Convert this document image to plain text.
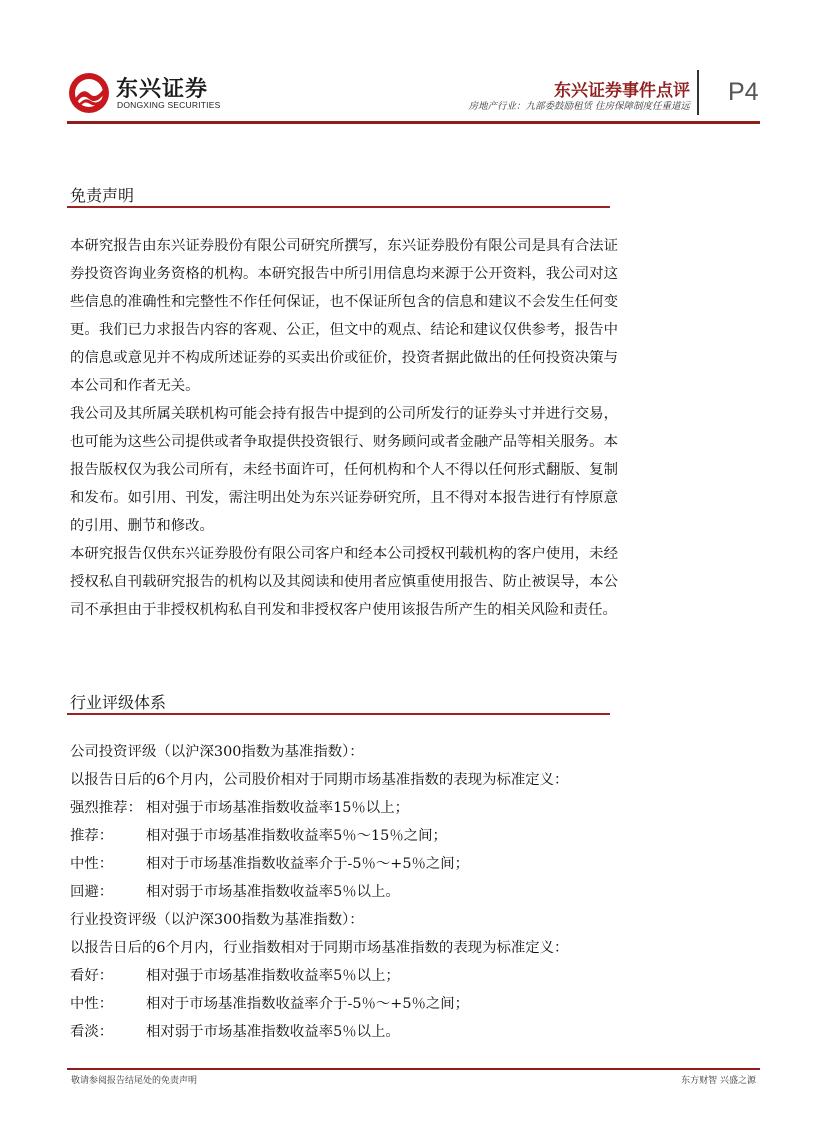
东兴证券
DONGXING SECURITIES
东兴证券事件点评
房地产行业：九部委鼓励租赁 住房保障制度任重道远
P4
免责声明

本研究报告由东兴证券股份有限公司研究所撰写，东兴证券股份有限公司是具有合法证券投资咨询业务资格的机构。本研究报告中所引用信息均来源于公开资料，我公司对这些信息的准确性和完整性不作任何保证，也不保证所包含的信息和建议不会发生任何变更。我们已力求报告内容的客观、公正，但文中的观点、结论和建议仅供参考，报告中的信息或意见并不构成所述证券的买卖出价或征价，投资者据此做出的任何投资决策与本公司和作者无关。

我公司及其所属关联机构可能会持有报告中提到的公司所发行的证券头寸并进行交易，也可能为这些公司提供或者争取提供投资银行、财务顾问或者金融产品等相关服务。本报告版权仅为我公司所有，未经书面许可，任何机构和个人不得以任何形式翻版、复制和发布。如引用、刊发，需注明出处为东兴证券研究所，且不得对本报告进行有悖原意的引用、删节和修改。

本研究报告仅供东兴证券股份有限公司客户和经本公司授权刊载机构的客户使用，未经授权私自刊载研究报告的机构以及其阅读和使用者应慎重使用报告、防止被误导，本公司不承担由于非授权机构私自刊发和非授权客户使用该报告所产生的相关风险和责任。

行业评级体系
公司投资评级（以沪深300指数为基准指数）：
以报告日后的6个月内，公司股价相对于同期市场基准指数的表现为标准定义：
强烈推荐： 相对强于市场基准指数收益率15％以上；
推荐： 相对强于市场基准指数收益率5％～15％之间；
中性： 相对于市场基准指数收益率介于-5％～+5％之间；
回避： 相对弱于市场基准指数收益率5％以上。
行业投资评级（以沪深300指数为基准指数）：
以报告日后的6个月内，行业指数相对于同期市场基准指数的表现为标准定义：
看好： 相对强于市场基准指数收益率5％以上；
中性： 相对于市场基准指数收益率介于-5％～+5％之间；
看淡： 相对弱于市场基准指数收益率5％以上。
敬请参阅报告结尾处的免责声明	东方财智 兴盛之源
